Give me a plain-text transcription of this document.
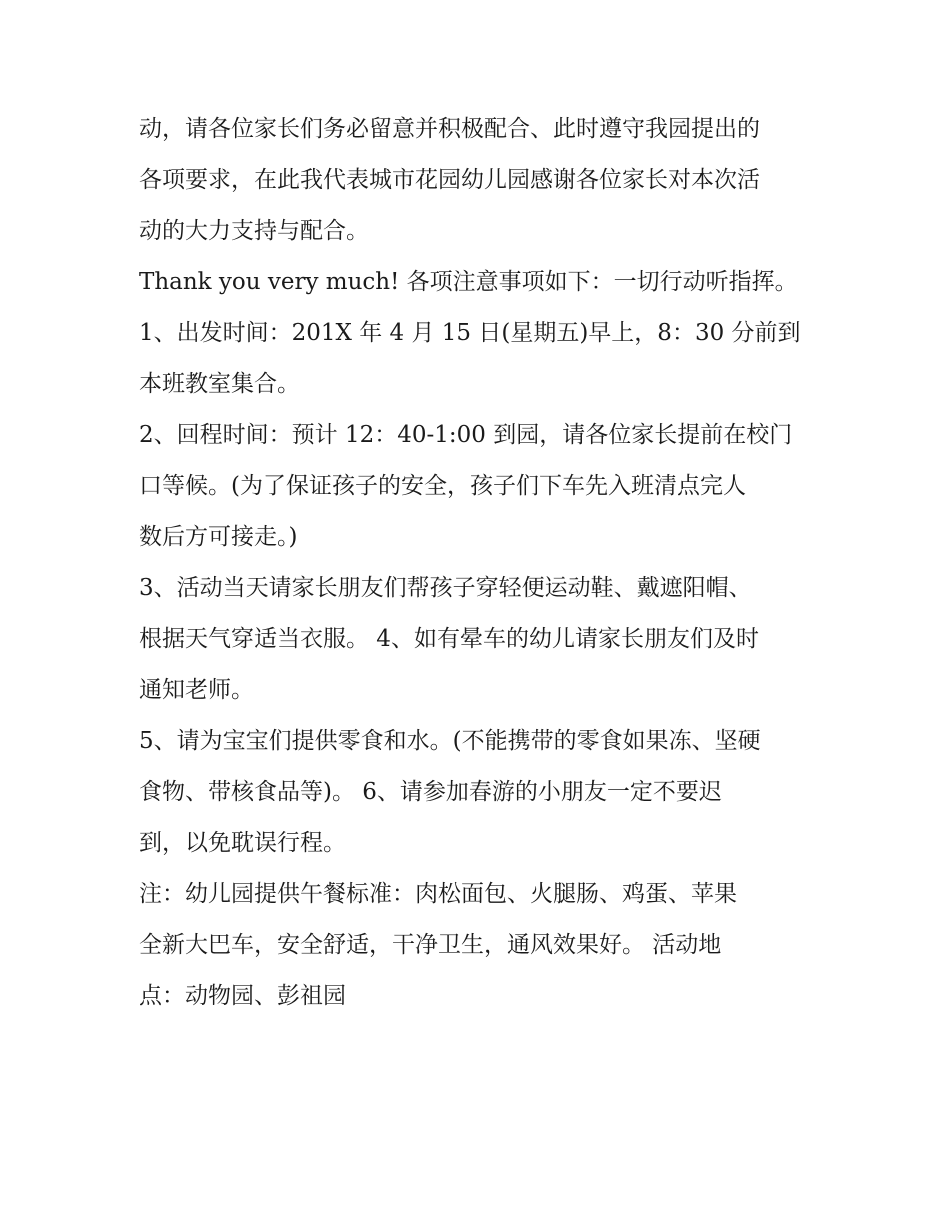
动，请各位家长们务必留意并积极配合、此时遵守我园提出的
各项要求，在此我代表城市花园幼儿园感谢各位家长对本次活
动的大力支持与配合。
Thank you very much! 各项注意事项如下：一切行动听指挥。
1、出发时间：201X 年 4 月 15 日(星期五)早上，8：30 分前到
本班教室集合。
2、回程时间：预计 12：40-1:00 到园，请各位家长提前在校门
口等候。(为了保证孩子的安全，孩子们下车先入班清点完人
数后方可接走。)
3、活动当天请家长朋友们帮孩子穿轻便运动鞋、戴遮阳帽、
根据天气穿适当衣服。 4、如有晕车的幼儿请家长朋友们及时
通知老师。
5、请为宝宝们提供零食和水。(不能携带的零食如果冻、坚硬
食物、带核食品等)。 6、请参加春游的小朋友一定不要迟
到，以免耽误行程。
注：幼儿园提供午餐标准：肉松面包、火腿肠、鸡蛋、苹果
全新大巴车，安全舒适，干净卫生，通风效果好。 活动地
点：动物园、彭祖园
